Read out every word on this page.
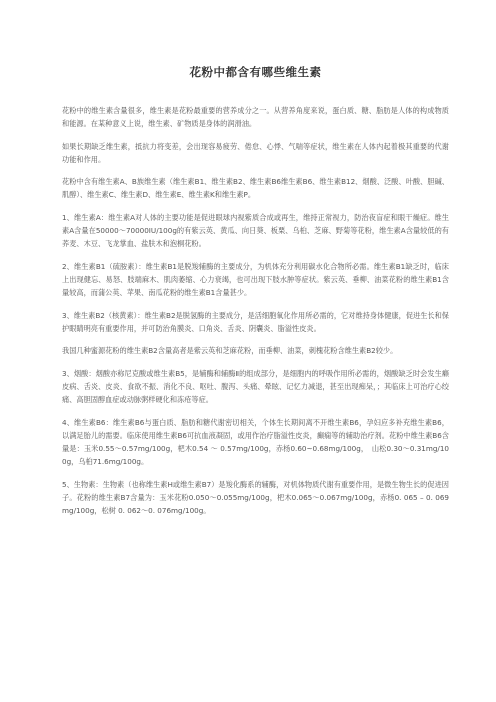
花粉中都含有哪些维生素

花粉中的维生素含量很多，维生素是花粉最重要的营养成分之一。从营养角度来说，蛋白质、糖、脂肪是人体的构成物质和能源。在某种意义上说，维生素、矿物质是身体的润滑油。

如果长期缺乏维生素，抵抗力将变差，会出现容易疲劳、倦怠、心悸、气喘等症状，维生素在人体内起着极其重要的代谢功能和作用。

花粉中含有维生素A、B族维生素（维生素B1、维生素B2、维生素B6维生素B6、维生素B12、烟酸、泛酸、叶酸、胆碱、肌醇）、维生素C、维生素D、维生素E、维生素K和维生素P。

1、维生素A：维生素A对人体的主要功能是促进眼球内视紫质合成或再生，维持正常视力，防治夜盲症和眼干燥症。维生素A含量在50000～70000IU/100g的有紫云英、黄瓜、向日葵、板栗、乌桕、芝麻、野菊等花粉，维生素A含量较低的有荞麦、木豆、飞龙掌血、盐肤木和泡桐花粉。

2、维生素B1（硫胺素）：维生素B1是脱羧辅酶的主要成分，为机体充分利用碳水化合物所必需。维生素B1缺乏时，临床上出现健忘、易怒、肢端麻木、肌肉萎缩、心力衰竭，也可出现下肢水肿等症状。紫云英、垂柳、油菜花粉的维生素B1含量较高，而蒲公英、苹果、南瓜花粉的维生素B1含量甚少。

3、维生素B2（核黄素）：维生素B2是脱氢酶的主要成分，是活细胞氧化作用所必需的，它对维持身体健康，促进生长和保护眼睛明亮有重要作用，并可防治角膜炎、口角炎、舌炎、阴囊炎、脂溢性皮炎。

我国几种蜜源花粉的维生素B2含量高者是紫云英和芝麻花粉，而垂柳、油菜，刺槐花粉含维生素B2较少。

3、烟酸：烟酸亦称尼克酸或维生素B5，是辅酶和辅酶Ⅱ的组成部分，是细胞内的呼吸作用所必需的，烟酸缺乏时会发生癞皮病、舌炎、皮炎、食欲不振、消化不良、呕吐、腹泻、头痛、晕眩、记忆力减退，甚至出现痴呆，；其临床上可治疗心绞痛、高胆固醇血症或动脉粥样硬化和冻疮等症。

4、维生素B6：维生素B6与蛋白质、脂肪和糖代谢密切相关，个体生长期间离不开维生素B6，孕妇应多补充维生素B6，以满足胎儿的需要。临床使用维生素B6可抗血液凝固，或用作治疗脂溢性皮炎，癫痫等的辅助治疗剂。花粉中维生素B6含量是：玉米0.55～0.57mg/100g，杷木0.54 ～ 0.57mg/100g，赤杨0.60~0.68mg/100g，　山松0.30～0.31mg/100g，乌桕71.6mg/100g。

5、生物素：生物素（也称维生素H或维生素B7）是羧化酶系的辅酶，对机体物质代谢有重要作用，是微生物生长的促进因子。花粉的维生素B7含量为：玉米花粉0.050～0.055mg/100g，杷木0.065～0.067mg/100g，赤杨0. 065 – 0. 069mg/100g，松树 0. 062～0. 076mg/100g。
